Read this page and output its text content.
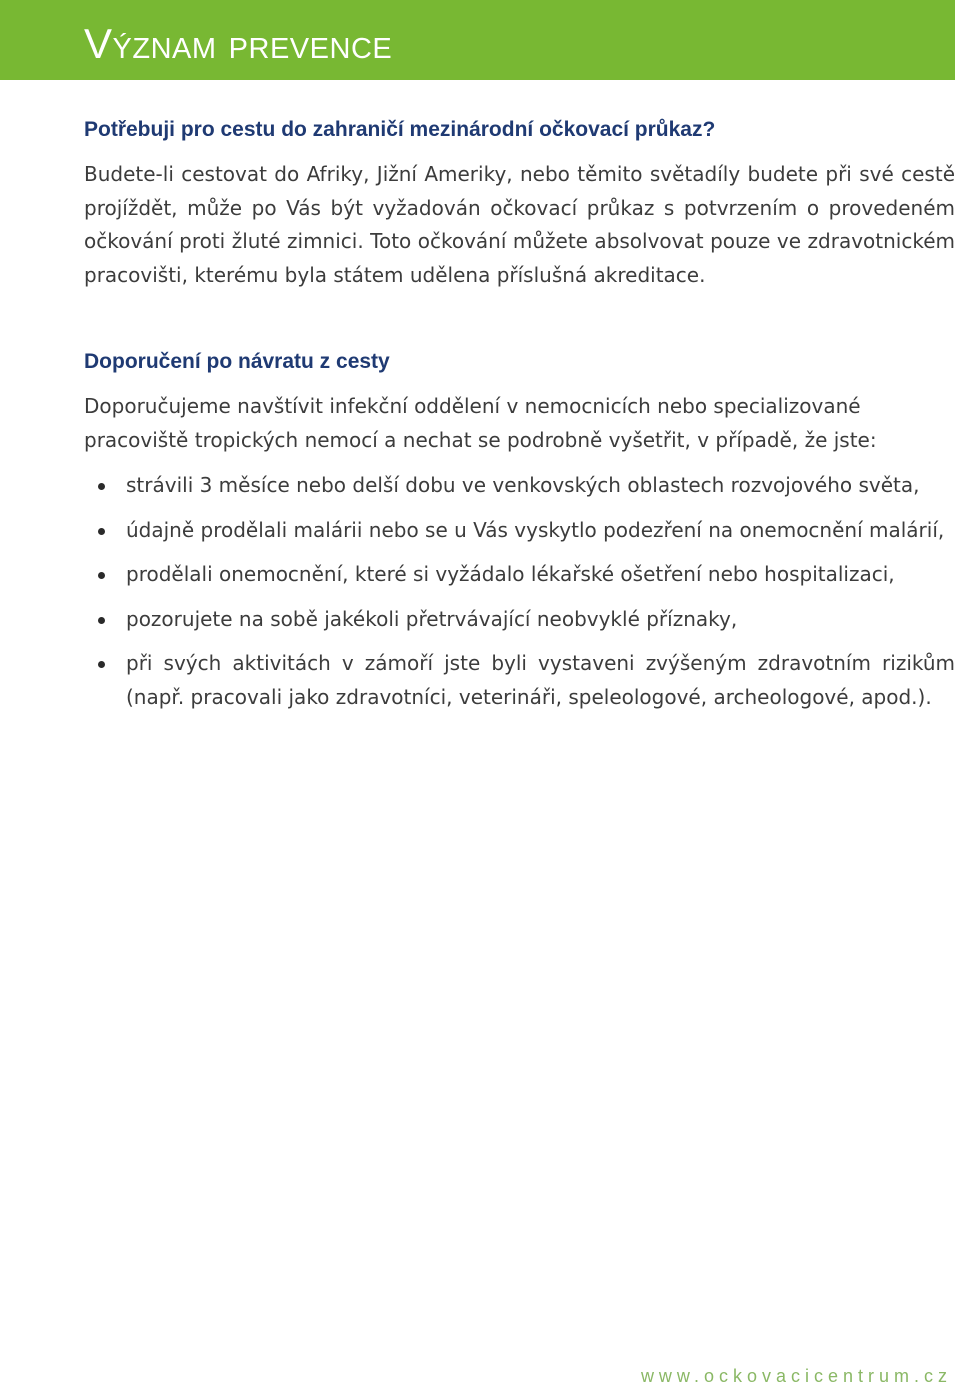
Význam prevence
Potřebuji pro cestu do zahraničí mezinárodní očkovací průkaz?

Budete-li cestovat do Afriky, Jižní Ameriky, nebo těmito světadíly budete při své cestě projíždět, může po Vás být vyžadován očkovací průkaz s potvrzením o provedeném očkování proti žluté zimnici. Toto očkování můžete absolvovat pouze ve zdravotnickém pracovišti, kterému byla státem udělena příslušná akreditace.

Doporučení po návratu z cesty

Doporučujeme navštívit infekční oddělení v nemocnicích nebo specializované pracoviště tropických nemocí a nechat se podrobně vyšetřit, v případě, že jste:

strávili 3 měsíce nebo delší dobu ve venkovských oblastech rozvojového světa,
údajně prodělali malárii nebo se u Vás vyskytlo podezření na onemocnění malárií,
prodělali onemocnění, které si vyžádalo lékařské ošetření nebo hospitalizaci,
pozorujete na sobě jakékoli přetrvávající neobvyklé příznaky,
při svých aktivitách v zámoří jste byli vystaveni zvýšeným zdravotním rizikům (např. pracovali jako zdravotníci, veterináři, speleologové, archeologové, apod.).
www.ockovacicentrum.cz
